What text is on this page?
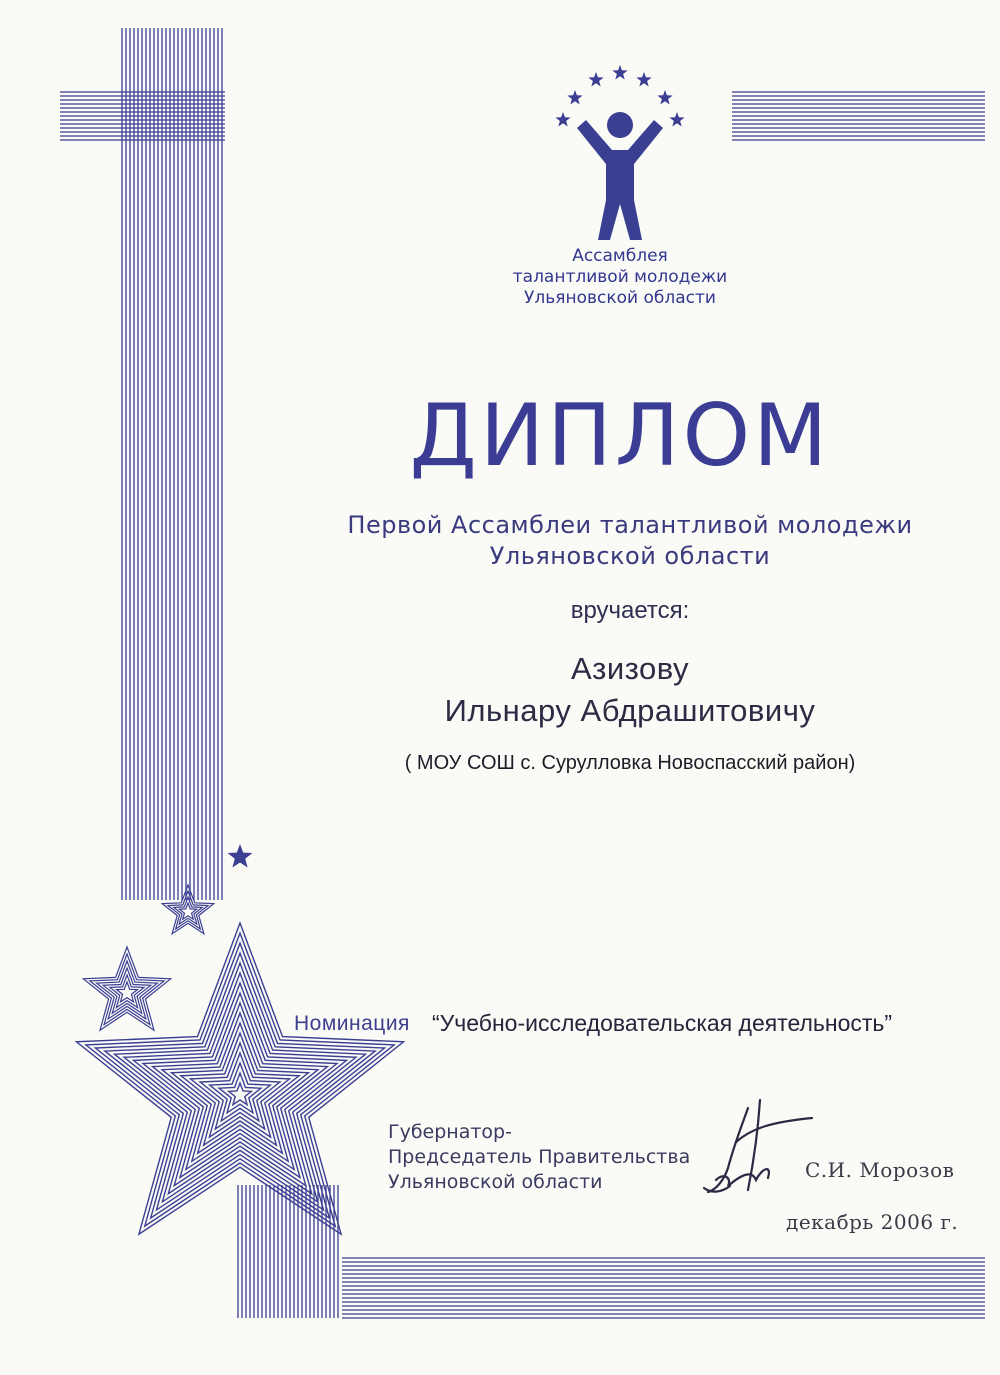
Ассамблея
талантливой молодежи
Ульяновской области
ДИПЛОМ
Первой Ассамблеи талантливой молодежи
Ульяновской области
вручается:
Азизову
Ильнару Абдрашитовичу
( МОУ СОШ с. Сурулловка Новоспасский район)
Номинация “Учебно-исследовательская деятельность”
Губернатор-
Председатель Правительства
Ульяновской области	С.И. Морозов
декабрь 2006 г.
